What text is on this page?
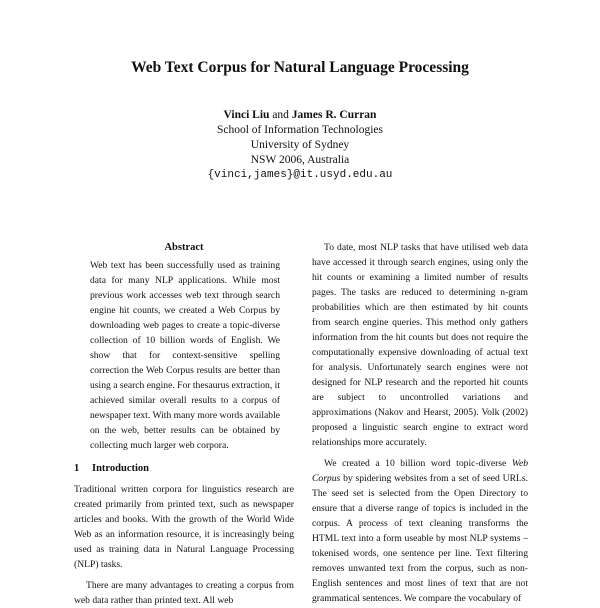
Web Text Corpus for Natural Language Processing
Vinci Liu and James R. Curran
School of Information Technologies
University of Sydney
NSW 2006, Australia
{vinci,james}@it.usyd.edu.au
Abstract

Web text has been successfully used as training data for many NLP applications. While most previous work accesses web text through search engine hit counts, we created a Web Corpus by downloading web pages to create a topic-diverse collection of 10 billion words of English. We show that for context-sensitive spelling correction the Web Corpus results are better than using a search engine. For thesaurus extraction, it achieved similar overall results to a corpus of newspaper text. With many more words available on the web, better results can be obtained by collecting much larger web corpora.

1 Introduction

Traditional written corpora for linguistics research are created primarily from printed text, such as newspaper articles and books. With the growth of the World Wide Web as an information resource, it is increasingly being used as training data in Natural Language Processing (NLP) tasks.

There are many advantages to creating a corpus from web data rather than printed text. All web

To date, most NLP tasks that have utilised web data have accessed it through search engines, using only the hit counts or examining a limited number of results pages. The tasks are reduced to determining n-gram probabilities which are then estimated by hit counts from search engine queries. This method only gathers information from the hit counts but does not require the computationally expensive downloading of actual text for analysis. Unfortunately search engines were not designed for NLP research and the reported hit counts are subject to uncontrolled variations and approximations (Nakov and Hearst, 2005). Volk (2002) proposed a linguistic search engine to extract word relationships more accurately.

We created a 10 billion word topic-diverse Web Corpus by spidering websites from a set of seed URLs. The seed set is selected from the Open Directory to ensure that a diverse range of topics is included in the corpus. A process of text cleaning transforms the HTML text into a form useable by most NLP systems – tokenised words, one sentence per line. Text filtering removes unwanted text from the corpus, such as non-English sentences and most lines of text that are not grammatical sentences. We compare the vocabulary of
